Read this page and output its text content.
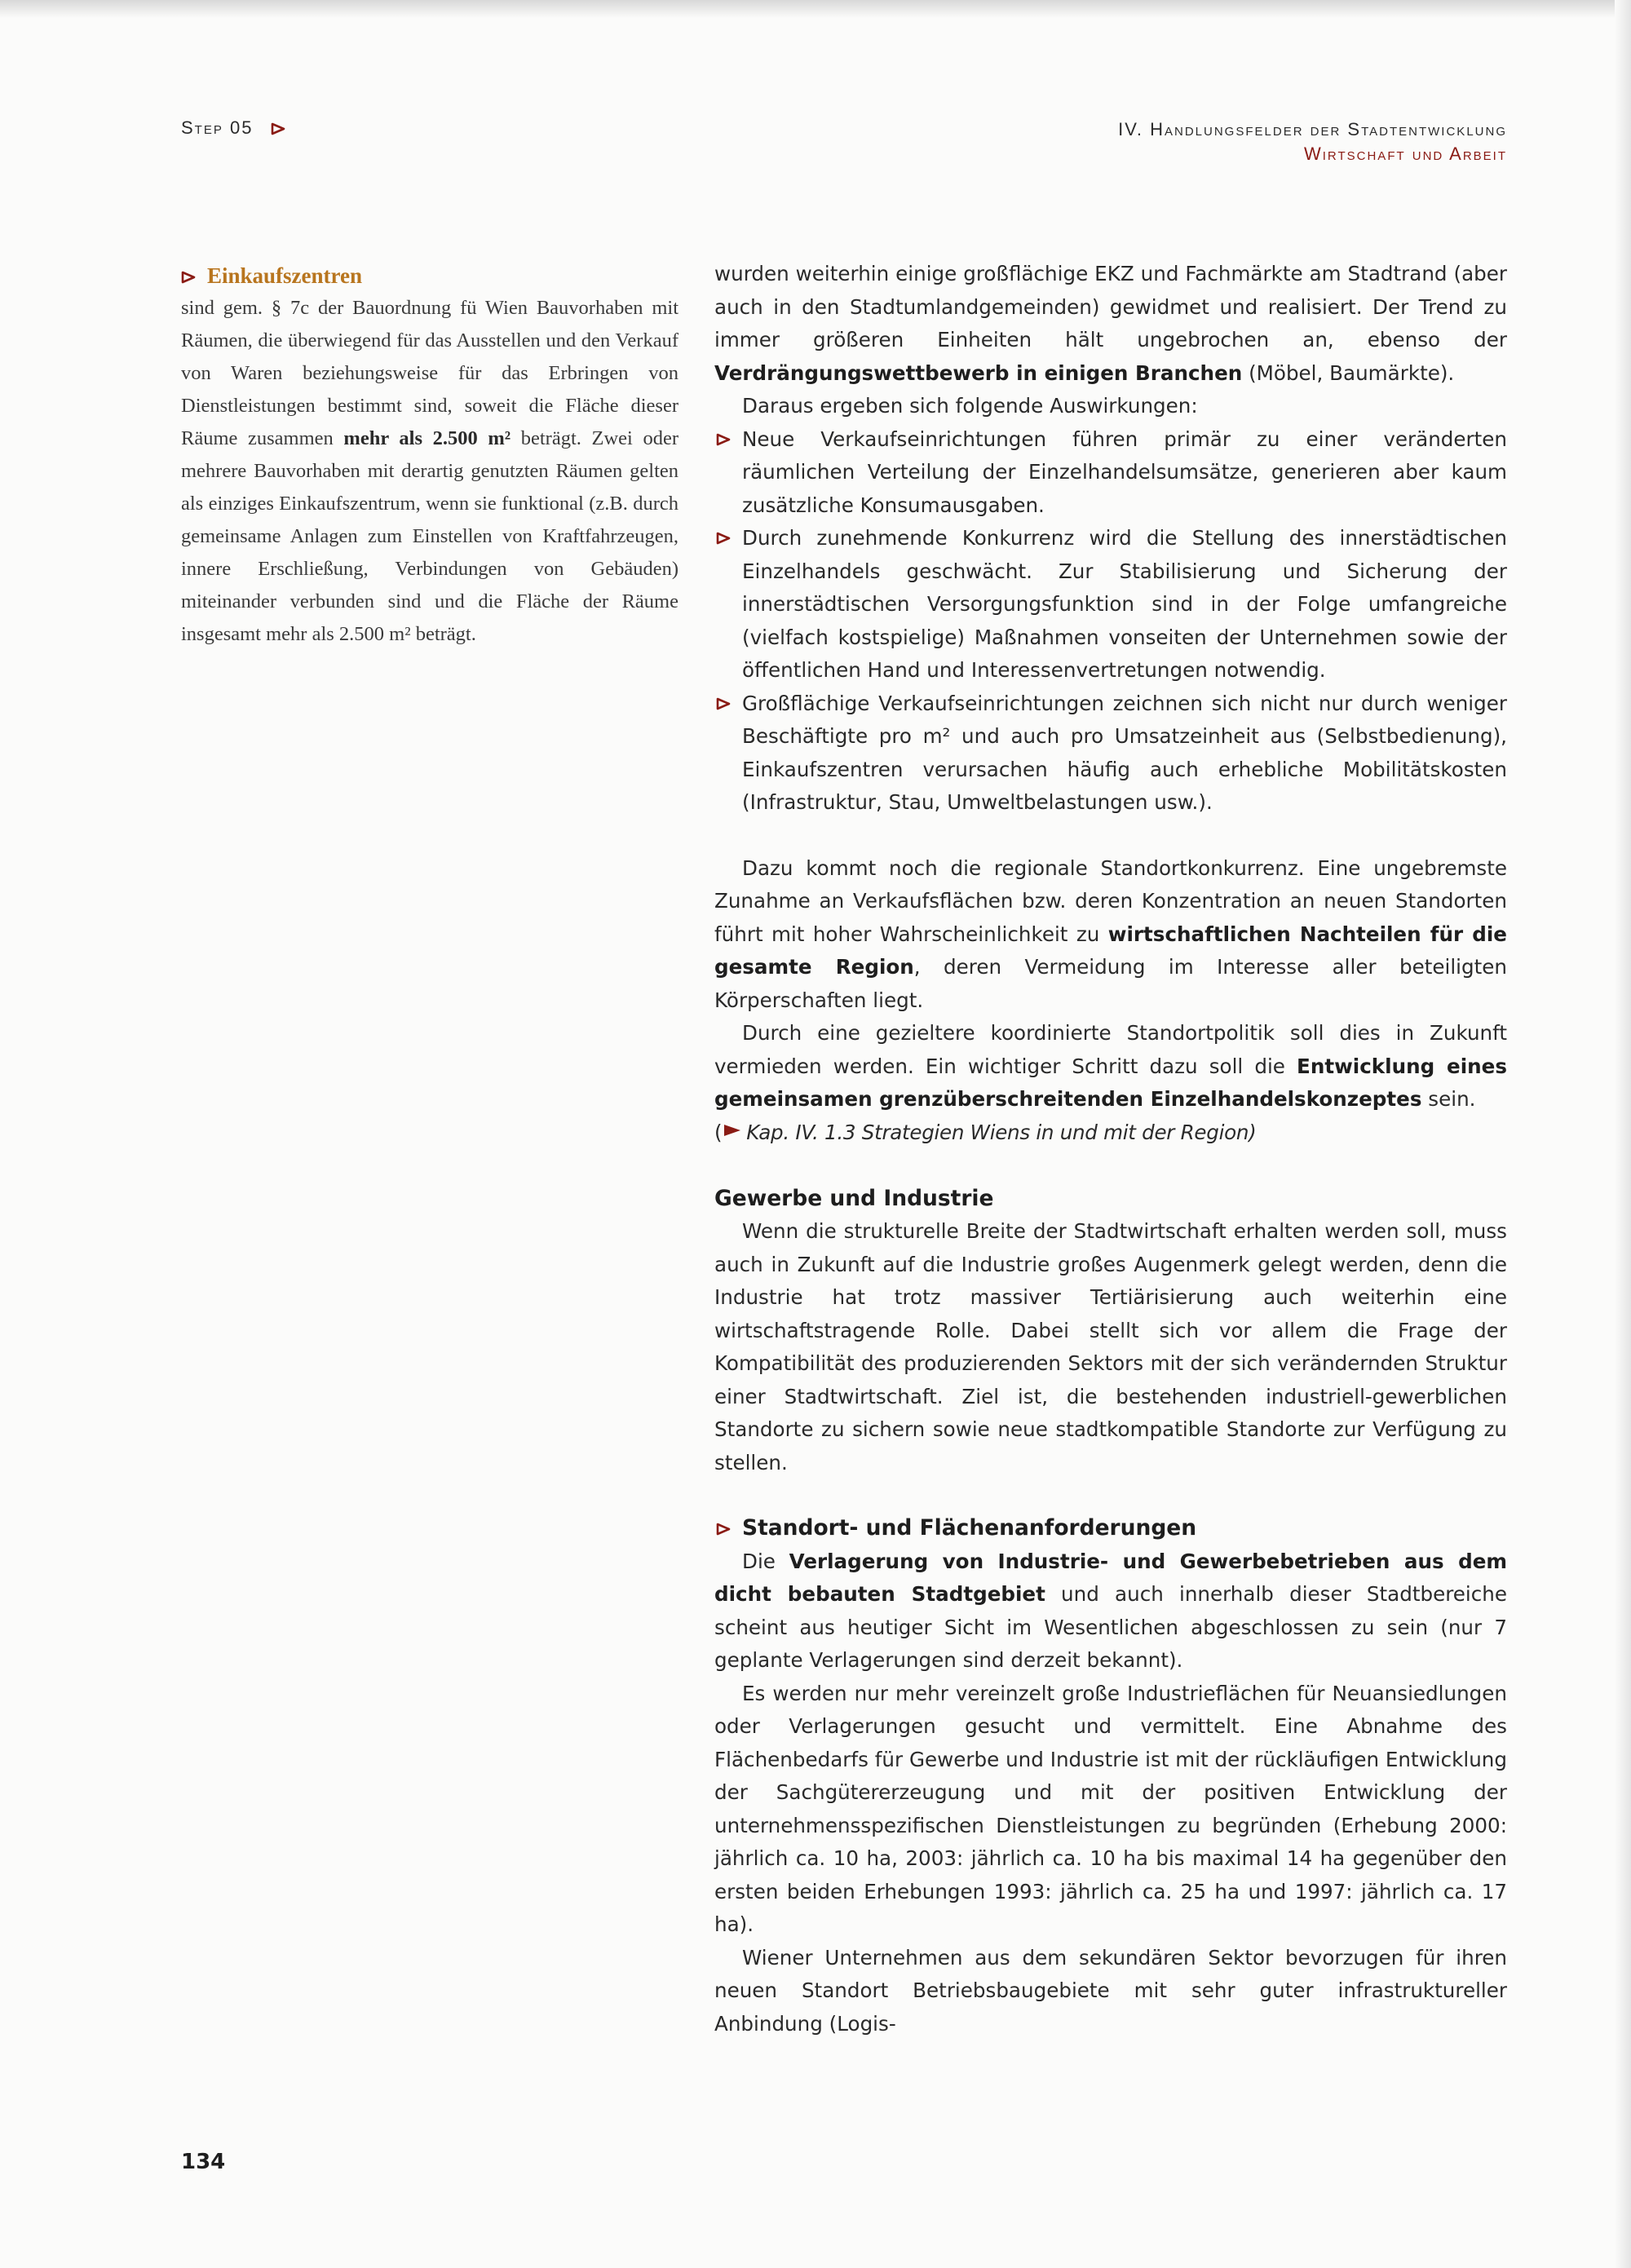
Step 05	IV. Handlungsfelder der Stadtentwicklung
Wirtschaft und Arbeit
Einkaufszentren
sind gem. § 7c der Bauordnung fü Wien Bauvorhaben mit Räumen, die überwiegend für das Ausstellen und den Verkauf von Waren beziehungsweise für das Erbringen von Dienstleistungen bestimmt sind, soweit die Fläche dieser Räume zusammen mehr als 2.500 m² beträgt. Zwei oder mehrere Bauvorhaben mit derartig genutzten Räumen gelten als einziges Einkaufszentrum, wenn sie funktional (z.B. durch gemeinsame Anlagen zum Einstellen von Kraftfahrzeugen, innere Erschließung, Verbindungen von Gebäuden) miteinander verbunden sind und die Fläche der Räume insgesamt mehr als 2.500 m² beträgt.

wurden weiterhin einige großflächige EKZ und Fachmärkte am Stadtrand (aber auch in den Stadtumlandgemeinden) gewidmet und realisiert. Der Trend zu immer größeren Einheiten hält ungebrochen an, ebenso der Verdrängungswettbewerb in einigen Branchen (Möbel, Baumärkte).

Daraus ergeben sich folgende Auswirkungen:

Neue Verkaufseinrichtungen führen primär zu einer veränderten räumlichen Verteilung der Einzelhandelsumsätze, generieren aber kaum zusätzliche Konsumausgaben.
Durch zunehmende Konkurrenz wird die Stellung des innerstädtischen Einzelhandels geschwächt. Zur Stabilisierung und Sicherung der innerstädtischen Versorgungsfunktion sind in der Folge umfangreiche (vielfach kostspielige) Maßnahmen vonseiten der Unternehmen sowie der öffentlichen Hand und Interessenvertretungen notwendig.
Großflächige Verkaufseinrichtungen zeichnen sich nicht nur durch weniger Beschäftigte pro m² und auch pro Umsatzeinheit aus (Selbstbedienung), Einkaufszentren verursachen häufig auch erhebliche Mobilitätskosten (Infrastruktur, Stau, Umweltbelastungen usw.).

Dazu kommt noch die regionale Standortkonkurrenz. Eine ungebremste Zunahme an Verkaufsflächen bzw. deren Konzentration an neuen Standorten führt mit hoher Wahrscheinlichkeit zu wirtschaftlichen Nachteilen für die gesamte Region, deren Vermeidung im Interesse aller beteiligten Körperschaften liegt.

Durch eine gezieltere koordinierte Standortpolitik soll dies in Zukunft vermieden werden. Ein wichtiger Schritt dazu soll die Entwicklung eines gemeinsamen grenzüberschreitenden Einzelhandelskonzeptes sein.

( Kap. IV. 1.3 Strategien Wiens in und mit der Region)

Gewerbe und Industrie

Wenn die strukturelle Breite der Stadtwirtschaft erhalten werden soll, muss auch in Zukunft auf die Industrie großes Augenmerk gelegt werden, denn die Industrie hat trotz massiver Tertiärisierung auch weiterhin eine wirtschaftstragende Rolle. Dabei stellt sich vor allem die Frage der Kompatibilität des produzierenden Sektors mit der sich verändernden Struktur einer Stadtwirtschaft. Ziel ist, die bestehenden industriell-gewerblichen Standorte zu sichern sowie neue stadtkompatible Standorte zur Verfügung zu stellen.

Standort- und Flächenanforderungen

Die Verlagerung von Industrie- und Gewerbebetrieben aus dem dicht bebauten Stadtgebiet und auch innerhalb dieser Stadtbereiche scheint aus heutiger Sicht im Wesentlichen abgeschlossen zu sein (nur 7 geplante Verlagerungen sind derzeit bekannt).

Es werden nur mehr vereinzelt große Industrieflächen für Neuansiedlungen oder Verlagerungen gesucht und vermittelt. Eine Abnahme des Flächenbedarfs für Gewerbe und Industrie ist mit der rückläufigen Entwicklung der Sachgütererzeugung und mit der positiven Entwicklung der unternehmensspezifischen Dienstleistungen zu begründen (Erhebung 2000: jährlich ca. 10 ha, 2003: jährlich ca. 10 ha bis maximal 14 ha gegenüber den ersten beiden Erhebungen 1993: jährlich ca. 25 ha und 1997: jährlich ca. 17 ha).

Wiener Unternehmen aus dem sekundären Sektor bevorzugen für ihren neuen Standort Betriebsbaugebiete mit sehr guter infrastruktureller Anbindung (Logis-

134
